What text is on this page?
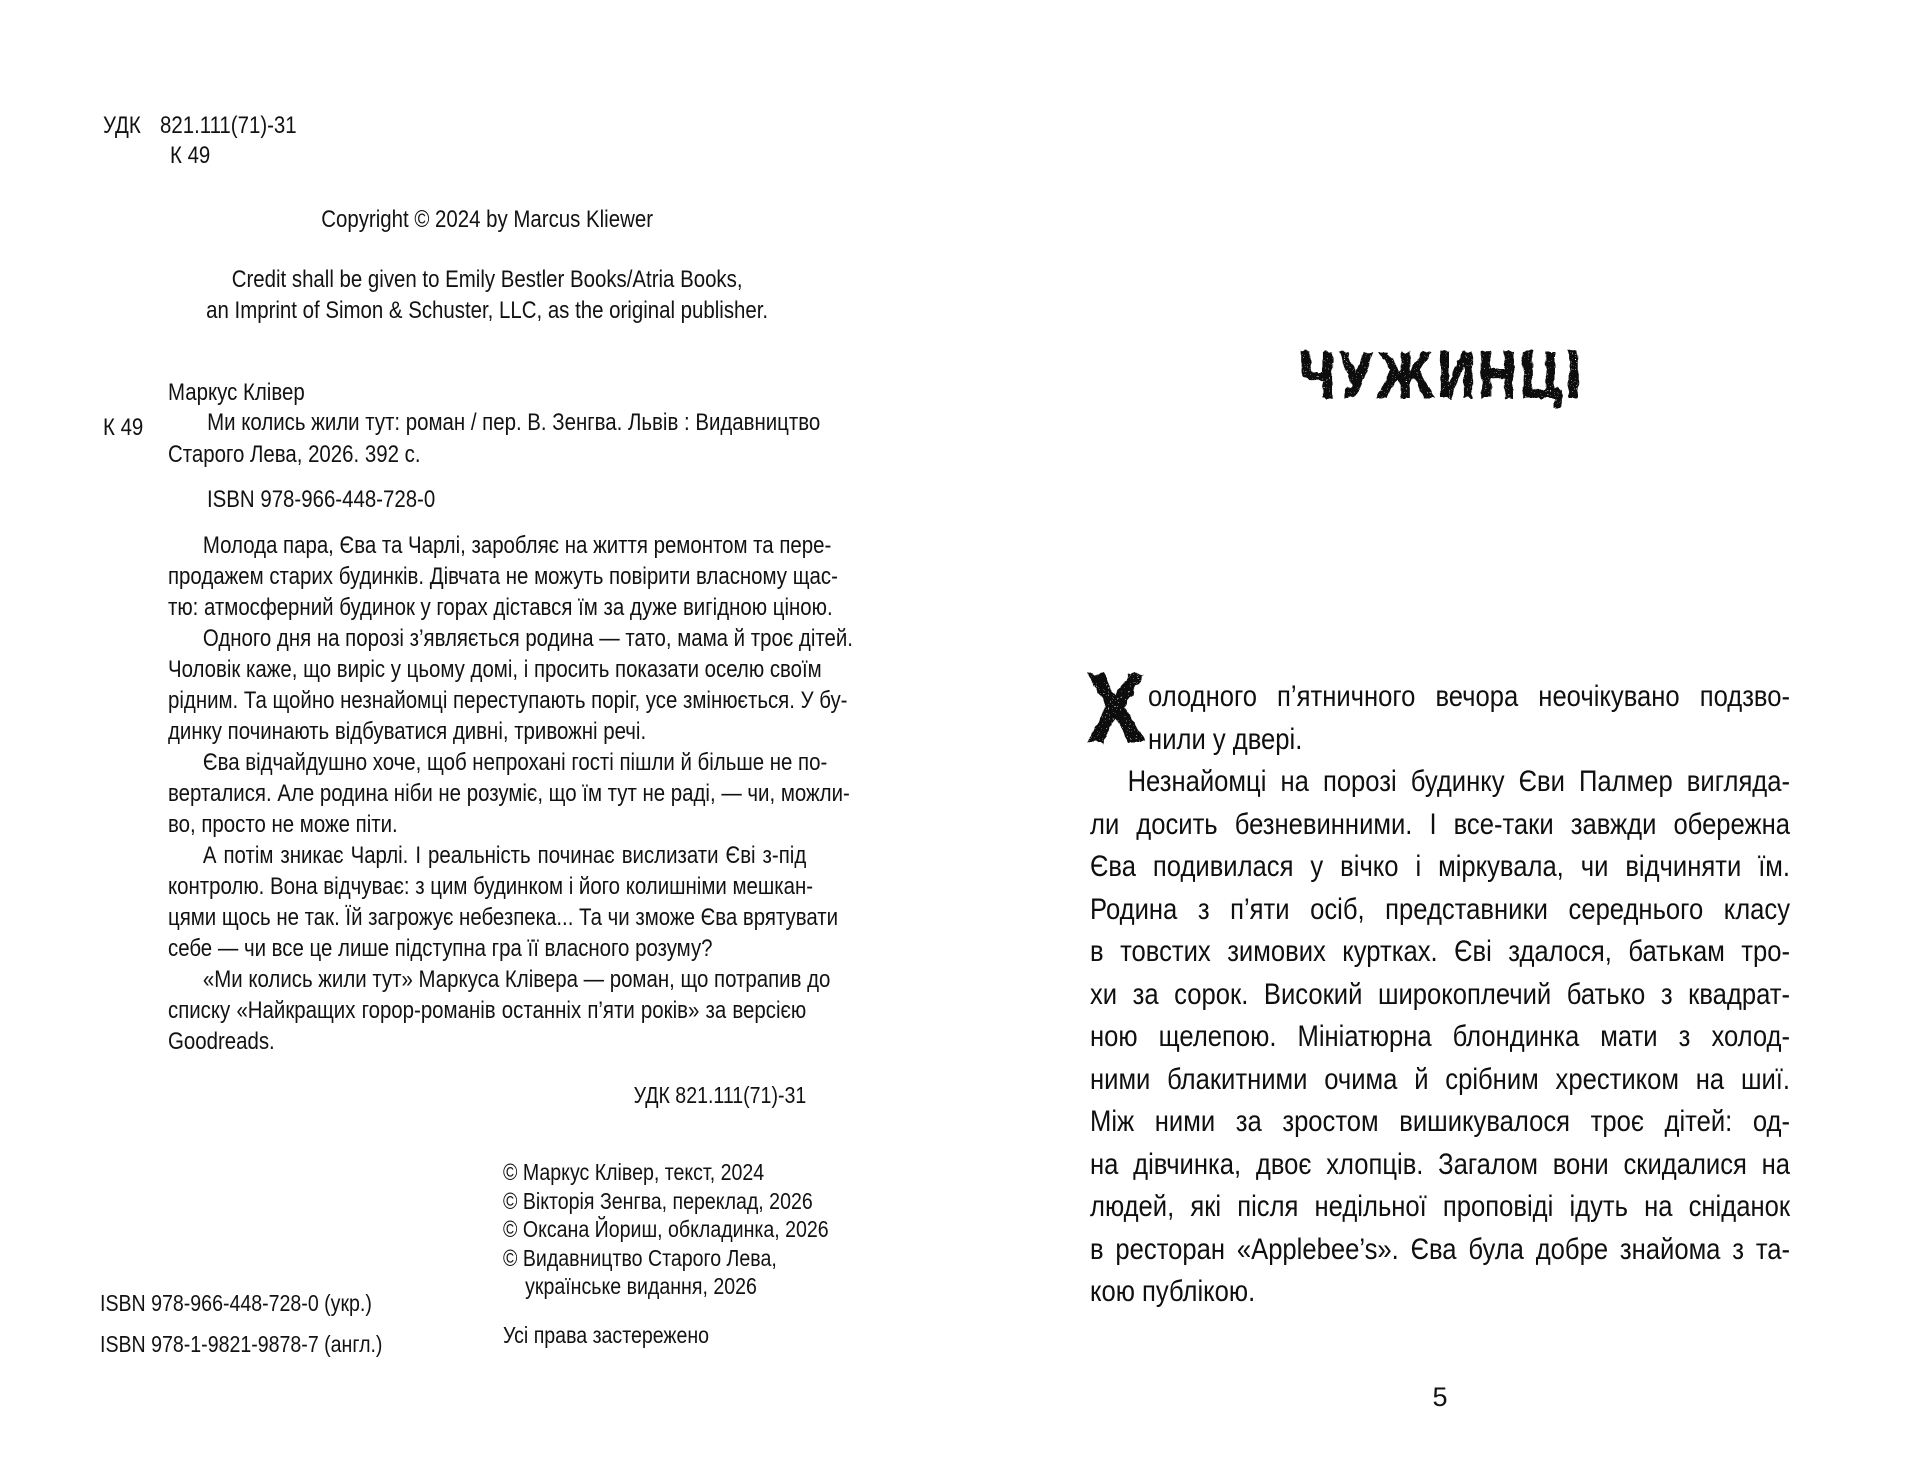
УДК 821.111(71)-31
К 49
Copyright © 2024 by Marcus Kliewer
Credit shall be given to Emily Bestler Books/Atria Books,
an Imprint of Simon & Schuster, LLC, as the original publisher.
Маркус Клівер
К 49	Ми колись жили тут: роман / пер. В. Зенгва. Львів : Видавництво
Старого Лева, 2026. 392 с.
ISBN 978-966-448-728-0
Молода пара, Єва та Чарлі, заробляє на життя ремонтом та пере-
продажем старих будинків. Дівчата не можуть повірити власному щас-
тю: атмосферний будинок у горах дістався їм за дуже вигідною ціною.
Одного дня на порозі з’являється родина — тато, мама й троє дітей.
Чоловік каже, що виріс у цьому домі, і просить показати оселю своїм
рідним. Та щойно незнайомці переступають поріг, усе змінюється. У бу-
динку починають відбуватися дивні, тривожні речі.
Єва відчайдушно хоче, щоб непрохані гості пішли й більше не по-
верталися. Але родина ніби не розуміє, що їм тут не раді, — чи, можли-
во, просто не може піти.
А потім зникає Чарлі. І реальність починає вислизати Єві з-під
контролю. Вона відчуває: з цим будинком і його колишніми мешкан-
цями щось не так. Їй загрожує небезпека... Та чи зможе Єва врятувати
себе — чи все це лише підступна гра її власного розуму?
«Ми колись жили тут» Маркуса Клівера — роман, що потрапив до
списку «Найкращих горор-романів останніх п’яти років» за версією
Goodreads.
УДК 821.111(71)-31
© Маркус Клівер, текст, 2024
© Вікторія Зенгва, переклад, 2026
© Оксана Йориш, обкладинка, 2026
© Видавництво Старого Лева,
українське видання, 2026
ISBN 978-966-448-728-0 (укр.)
ISBN 978-1-9821-9878-7 (англ.)	Усі права застережено
ЧУЖИНЦІ
Х олодного п’ятничного вечора неочікувано подзво-
нили у двері.
Незнайомці на порозі будинку Єви Палмер вигляда-
ли досить безневинними. І все-таки завжди обережна
Єва подивилася у вічко і міркувала, чи відчиняти їм.
Родина з п’яти осіб, представники середнього класу
в товстих зимових куртках. Єві здалося, батькам тро-
хи за сорок. Високий широкоплечий батько з квадрат-
ною щелепою. Мініатюрна блондинка мати з холод-
ними блакитними очима й срібним хрестиком на шиї.
Між ними за зростом вишикувалося троє дітей: од-
на дівчинка, двоє хлопців. Загалом вони скидалися на
людей, які після недільної проповіді ідуть на сніданок
в ресторан «Applebee’s». Єва була добре знайома з та-
кою публікою.
5
